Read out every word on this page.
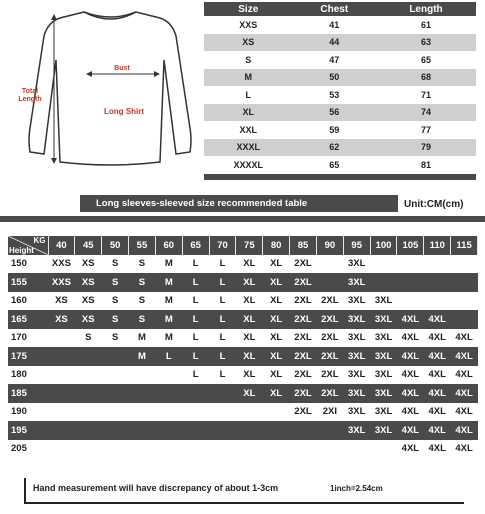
Total
Length
Bust
Long Shirt
Size	Chest	Length
XXS	41	61
XS	44	63
S	47	65
M	50	68
L	53	71
XL	56	74
XXL	59	77
XXXL	62	79
XXXXL	65	81

Long sleeves-sleeved size recommended table	Unit:CM(cm)
KG
Height	40	45	50	55	60	65	70	75	80	85	90	95	100	105	110	115
150	XXS	XS	S	S	M	L	L	XL	XL	2XL		3XL				
155	XXS	XS	S	S	M	L	L	XL	XL	2XL		3XL				
160	XS	XS	S	S	M	L	L	XL	XL	2XL	2XL	3XL	3XL			
165	XS	XS	S	S	M	L	L	XL	XL	2XL	2XL	3XL	3XL	4XL	4XL	
170		S	S	M	M	L	L	XL	XL	2XL	2XL	3XL	3XL	4XL	4XL	4XL
175				M	L	L	L	XL	XL	2XL	2XL	3XL	3XL	4XL	4XL	4XL
180						L	L	XL	XL	2XL	2XL	3XL	3XL	4XL	4XL	4XL
185								XL	XL	2XL	2XL	3XL	3XL	4XL	4XL	4XL
190										2XL	2XI	3XL	3XL	4XL	4XL	4XL
195												3XL	3XL	4XL	4XL	4XL
205														4XL	4XL	4XL
Hand measurement will have discrepancy of about 1-3cm	1inch=2.54cm
